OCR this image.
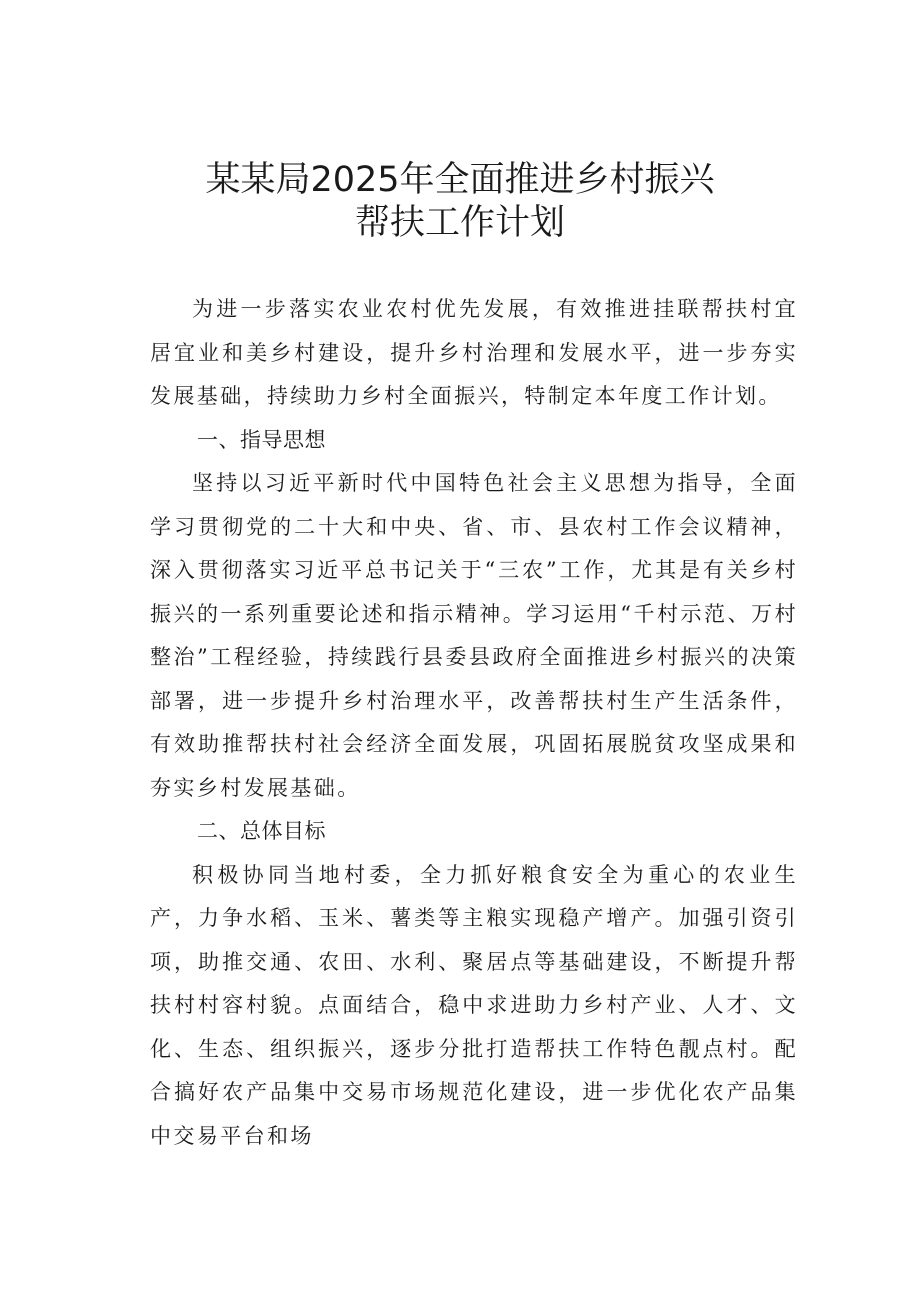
某某局2025年全面推进乡村振兴
帮扶工作计划

为进一步落实农业农村优先发展，有效推进挂联帮扶村宜居宜业和美乡村建设，提升乡村治理和发展水平，进一步夯实发展基础，持续助力乡村全面振兴，特制定本年度工作计划。

一、指导思想

坚持以习近平新时代中国特色社会主义思想为指导，全面学习贯彻党的二十大和中央、省、市、县农村工作会议精神，深入贯彻落实习近平总书记关于“三农”工作，尤其是有关乡村振兴的一系列重要论述和指示精神。学习运用“千村示范、万村整治”工程经验，持续践行县委县政府全面推进乡村振兴的决策部署，进一步提升乡村治理水平，改善帮扶村生产生活条件，有效助推帮扶村社会经济全面发展，巩固拓展脱贫攻坚成果和夯实乡村发展基础。

二、总体目标

积极协同当地村委，全力抓好粮食安全为重心的农业生产，力争水稻、玉米、薯类等主粮实现稳产增产。加强引资引项，助推交通、农田、水利、聚居点等基础建设，不断提升帮扶村村容村貌。点面结合，稳中求进助力乡村产业、人才、文化、生态、组织振兴，逐步分批打造帮扶工作特色靓点村。配合搞好农产品集中交易市场规范化建设，进一步优化农产品集中交易平台和场
